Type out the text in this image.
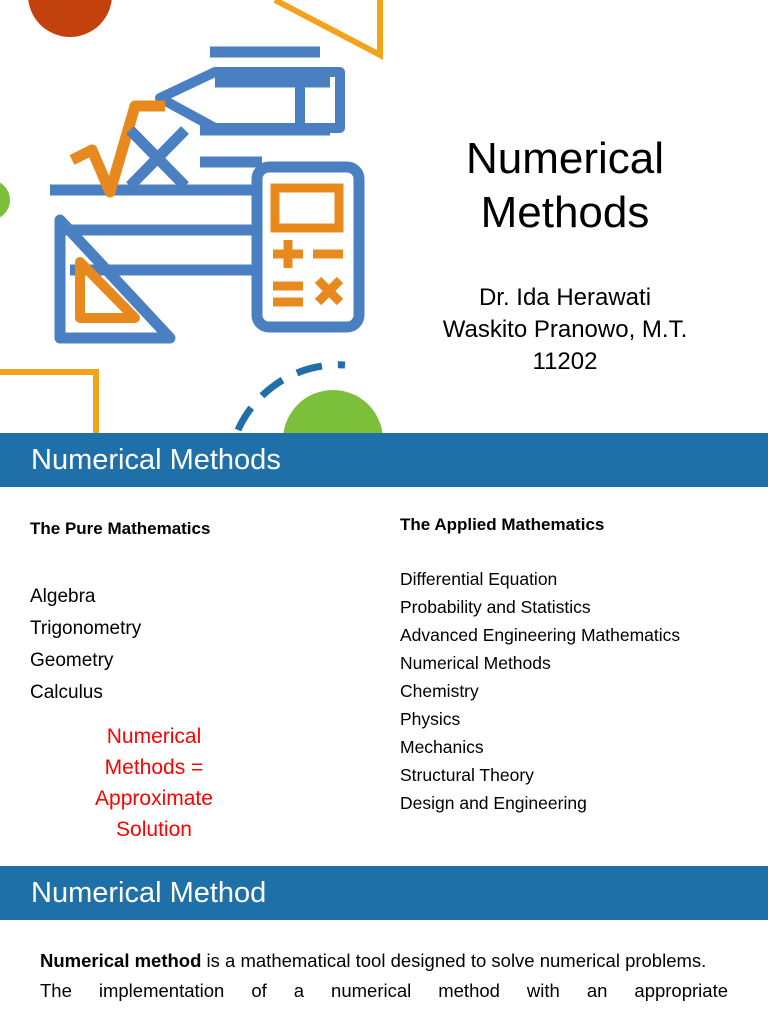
Numerical
Methods
Dr. Ida Herawati
Waskito Pranowo, M.T.
11202
Numerical Methods
The Pure Mathematics
Algebra
Trigonometry
Geometry
Calculus
Numerical
Methods =
Approximate
Solution
The Applied Mathematics
Differential Equation
Probability and Statistics
Advanced Engineering Mathematics
Numerical Methods
Chemistry
Physics
Mechanics
Structural Theory
Design and Engineering
Numerical Method

Numerical method is a mathematical tool designed to solve numerical problems.

The implementation of a numerical method with an appropriate
